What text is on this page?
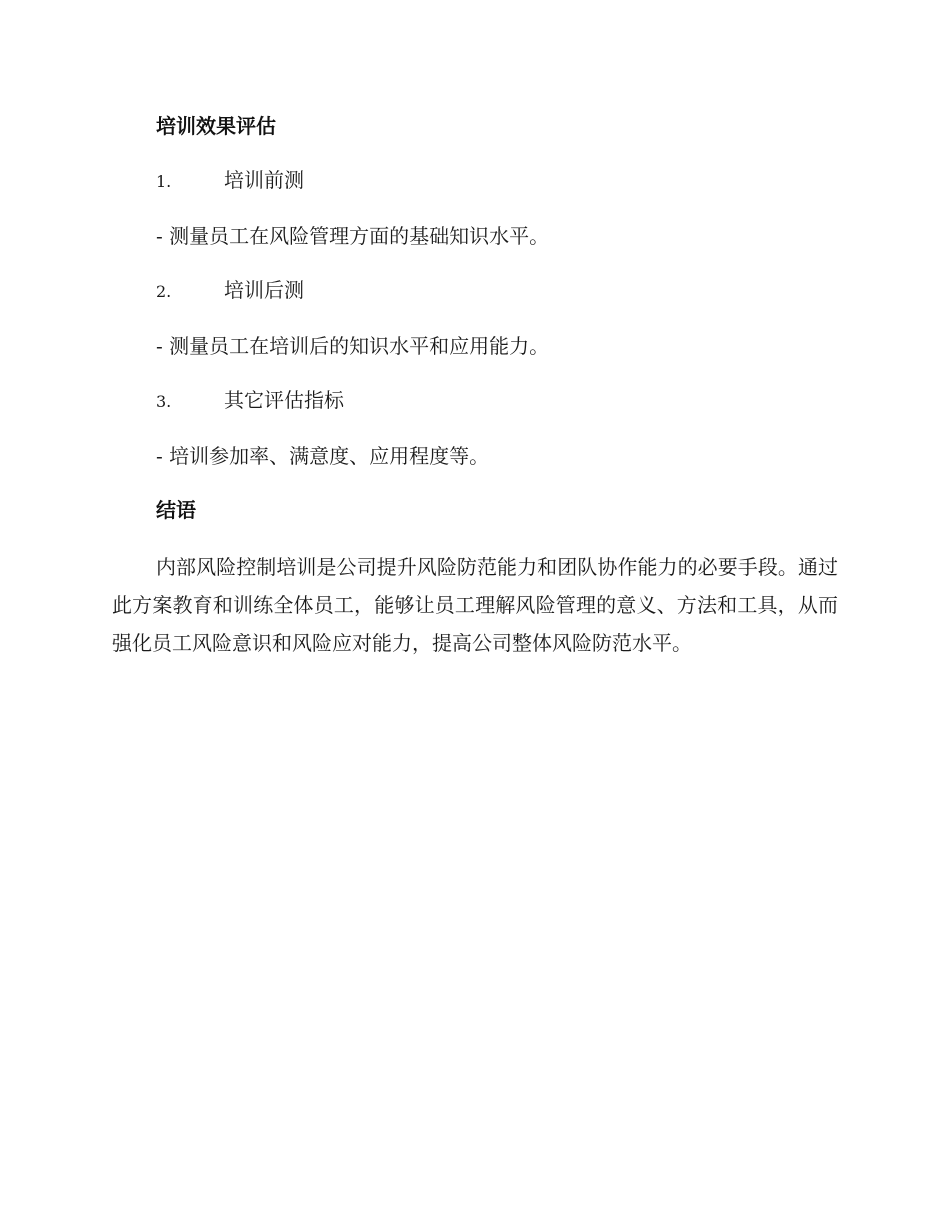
培训效果评估
1.	培训前测
- 测量员工在风险管理方面的基础知识水平。
2.	培训后测
- 测量员工在培训后的知识水平和应用能力。
3.	其它评估指标
- 培训参加率、满意度、应用程度等。
结语

内部风险控制培训是公司提升风险防范能力和团队协作能力的必要手段。通过此方案教育和训练全体员工，能够让员工理解风险管理的意义、方法和工具，从而强化员工风险意识和风险应对能力，提高公司整体风险防范水平。
